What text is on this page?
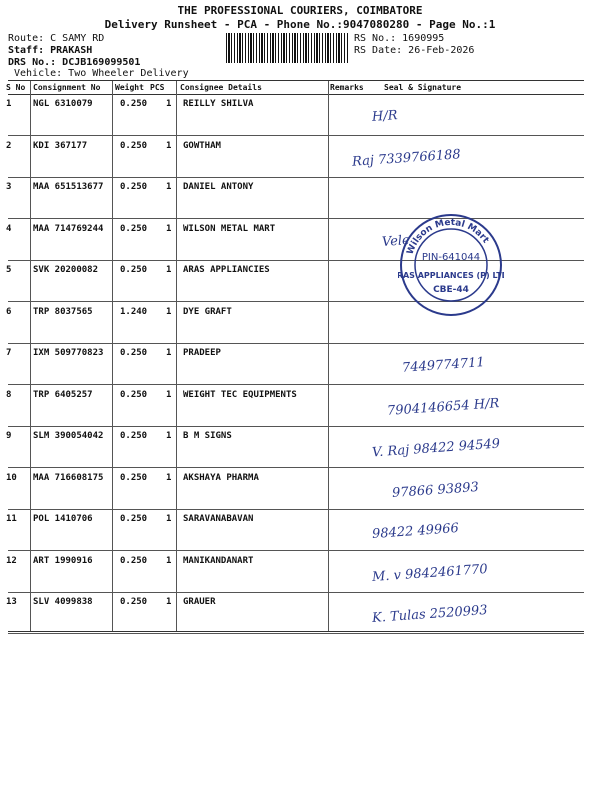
THE PROFESSIONAL COURIERS, COIMBATORE
Delivery Runsheet - PCA - Phone No.:9047080280 - Page No.:1
Route: C SAMY RD
Staff: PRAKASH
DRS No.: DCJB169099501
Vehicle: Two Wheeler Delivery
RS No.: 1690995
RS Date: 26-Feb-2026
S No Consignment No Weight PCS Consignee Details	Remarks	Seal & Signature
1 NGL 6310079	0.250 1 REILLY SHILVA
H/R
2 KDI 367177	0.250 1 GOWTHAM
Raj 7339766188
3 MAA 651513677 0.250 1 DANIEL ANTONY
4 MAA 714769244 0.250 1 WILSON METAL MART
Vele
5 SVK 20200082 0.250 1 ARAS APPLIANCIES
6 TRP 8037565	1.240 1 DYE GRAFT
7 IXM 509770823 0.250 1 PRADEEP
7449774711
8 TRP 6405257	0.250 1 WEIGHT TEC EQUIPMENTS
7904146654 H/R
9 SLM 390054042 0.250 1 B M SIGNS
V. Raj 98422 94549
10 MAA 716608175 0.250 1 AKSHAYA PHARMA
97866 93893
11 POL 1410706	0.250 1 SARAVANABAVAN
98422 49966
12 ART 1990916	0.250 1 MANIKANDANART
M. v 9842461770
13 SLV 4099838	0.250 1 GRAUER
K. Tulas 2520993
Wilson Metal Mart
PIN-641044
RAS APPLIANCES (P) LT
CBE-44
